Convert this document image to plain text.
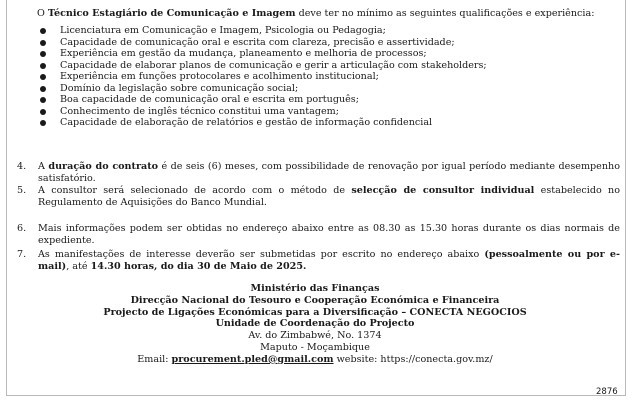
O Técnico Estagiário de Comunicação e Imagem deve ter no mínimo as seguintes qualificações e experiência:
Licenciatura em Comunicação e Imagem, Psicologia ou Pedagogia;
Capacidade de comunicação oral e escrita com clareza, precisão e assertividade;
Experiência em gestão da mudança, planeamento e melhoria de processos;
Capacidade de elaborar planos de comunicação e gerir a articulação com stakeholders;
Experiência em funções protocolares e acolhimento institucional;
Domínio da legislação sobre comunicação social;
Boa capacidade de comunicação oral e escrita em português;
Conhecimento de inglês técnico constitui uma vantagem;
Capacidade de elaboração de relatórios e gestão de informação confidencial
4.	A duração do contrato é de seis (6) meses, com possibilidade de renovação por igual período mediante desempenho satisfatório.
5.	A consultor será selecionado de acordo com o método de selecção de consultor individual estabelecido no Regulamento de Aquisições do Banco Mundial.
6.	Mais informações podem ser obtidas no endereço abaixo entre as 08.30 as 15.30 horas durante os dias normais de expediente.
7.	As manifestações de interesse deverão ser submetidas por escrito no endereço abaixo (pessoalmente ou por e-mail), até 14.30 horas, do dia 30 de Maio de 2025.
Ministério das Finanças
Direcção Nacional do Tesouro e Cooperação Económica e Financeira
Projecto de Ligações Económicas para a Diversificação – CONECTA NEGOCIOS
Unidade de Coordenação do Projecto
Av. do Zimbabwé, No. 1374
Maputo - Moçambique
Email: procurement.pled@gmail.com website: https://conecta.gov.mz/
2876
